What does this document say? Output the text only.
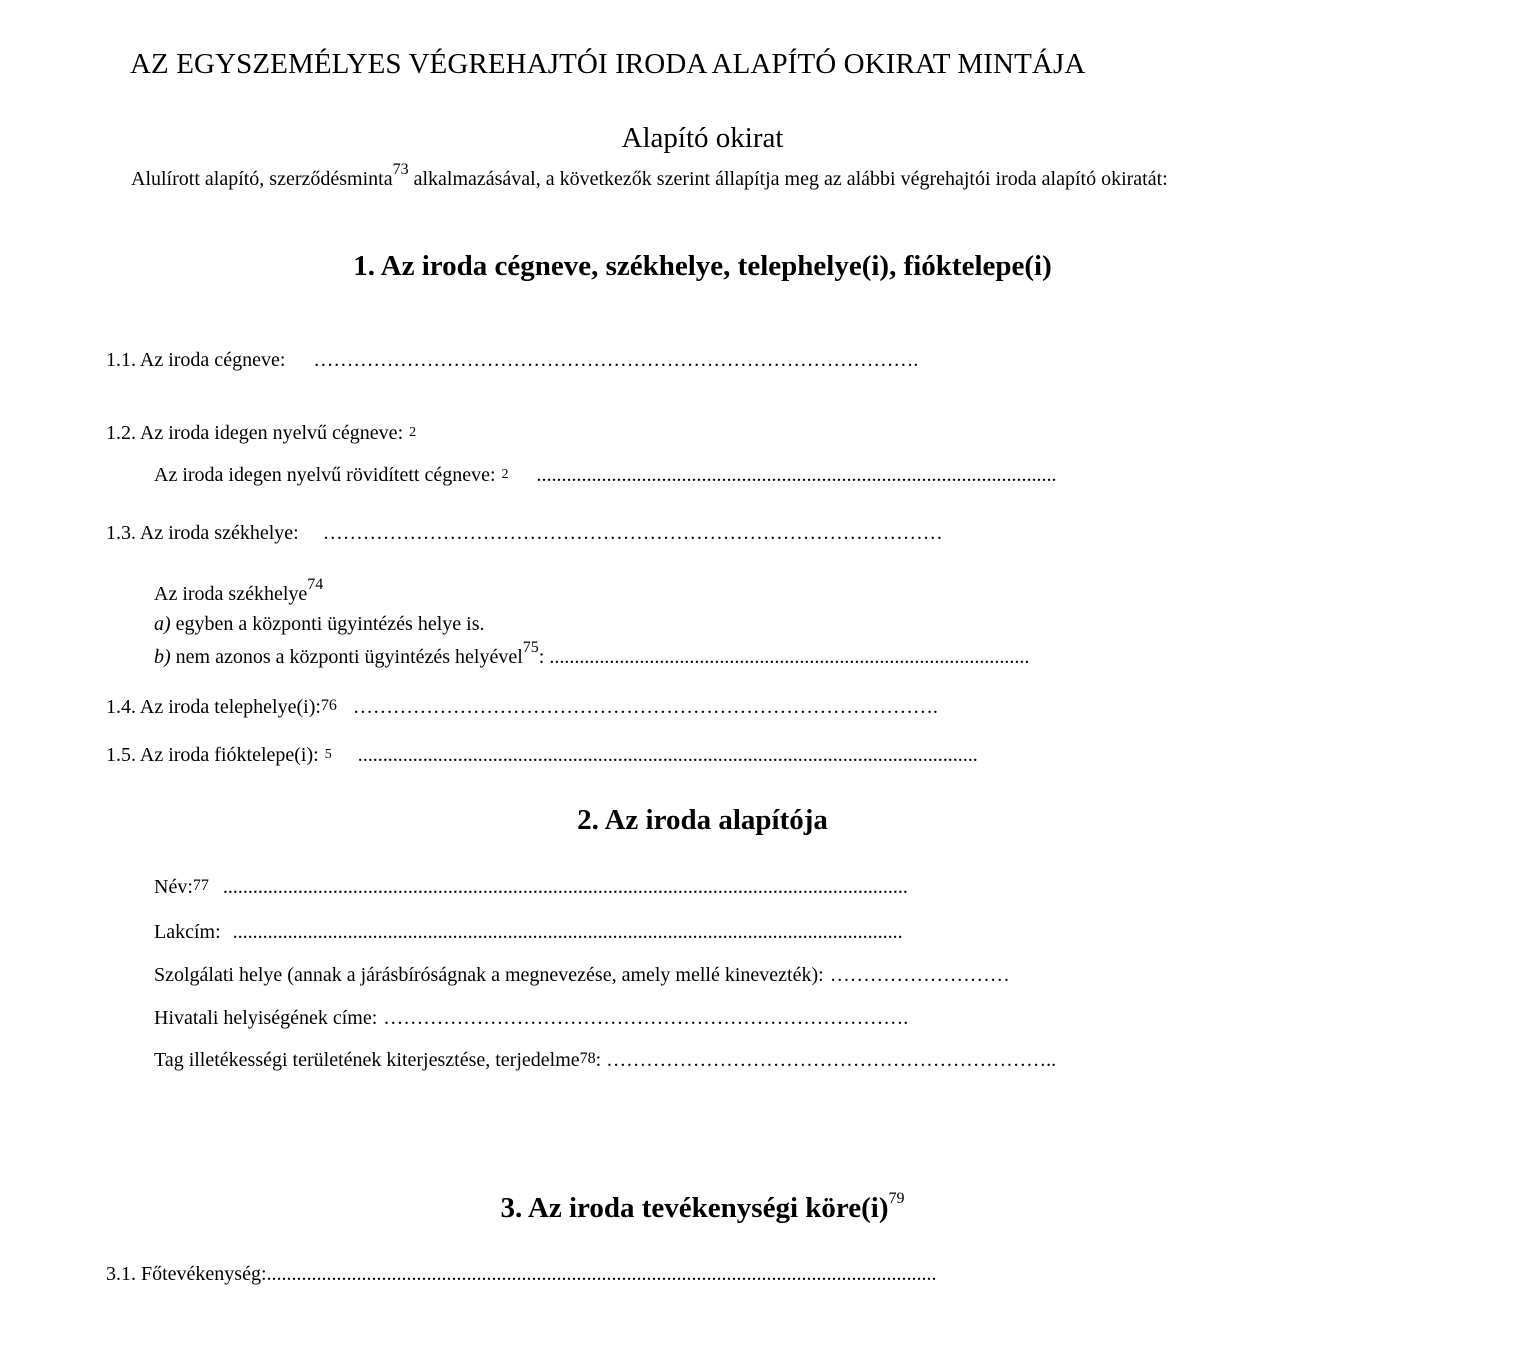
AZ EGYSZEMÉLYES VÉGREHAJTÓI IRODA ALAPÍTÓ OKIRAT MINTÁJA
Alapító okirat
Alulírott alapító, szerződésminta$^{73}$ alkalmazásával, a következők szerint állapítja meg az alábbi végrehajtói iroda alapító okiratát:
1. Az iroda cégneve, székhelye, telephelye(i), fióktelepe(i)
1.1. Az iroda cégneve: ……………………………………………………………………………….
1.2. Az iroda idegen nyelvű cégneve: $^2$
Az iroda idegen nyelvű rövidített cégneve: $^2$ ........................................................................................................
1.3. Az iroda székhelye: …………………………………………………………………………………
Az iroda székhelye$^{74}$
a) egyben a központi ügyintézés helye is.
b) nem azonos a központi ügyintézés helyével$^{75}$: ................................................................................................
1.4. Az iroda telephelye(i):$^{76}$ …………………………………………………………………………….
1.5. Az iroda fióktelepe(i): $^5$ ............................................................................................................................
2. Az iroda alapítója
Név:$^{77}$ .........................................................................................................................................
Lakcím: ......................................................................................................................................
Szolgálati helye (annak a járásbíróságnak a megnevezése, amely mellé kinevezték): ………………………
Hivatali helyiségének címe: …………………………………………………………………….
Tag illetékességi területének kiterjesztése, terjedelme$^{78}$ : …………………………………………………………..
3. Az iroda tevékenységi $köre(i)^{79}$
3.1. Főtevékenység: ......................................................................................................................................
